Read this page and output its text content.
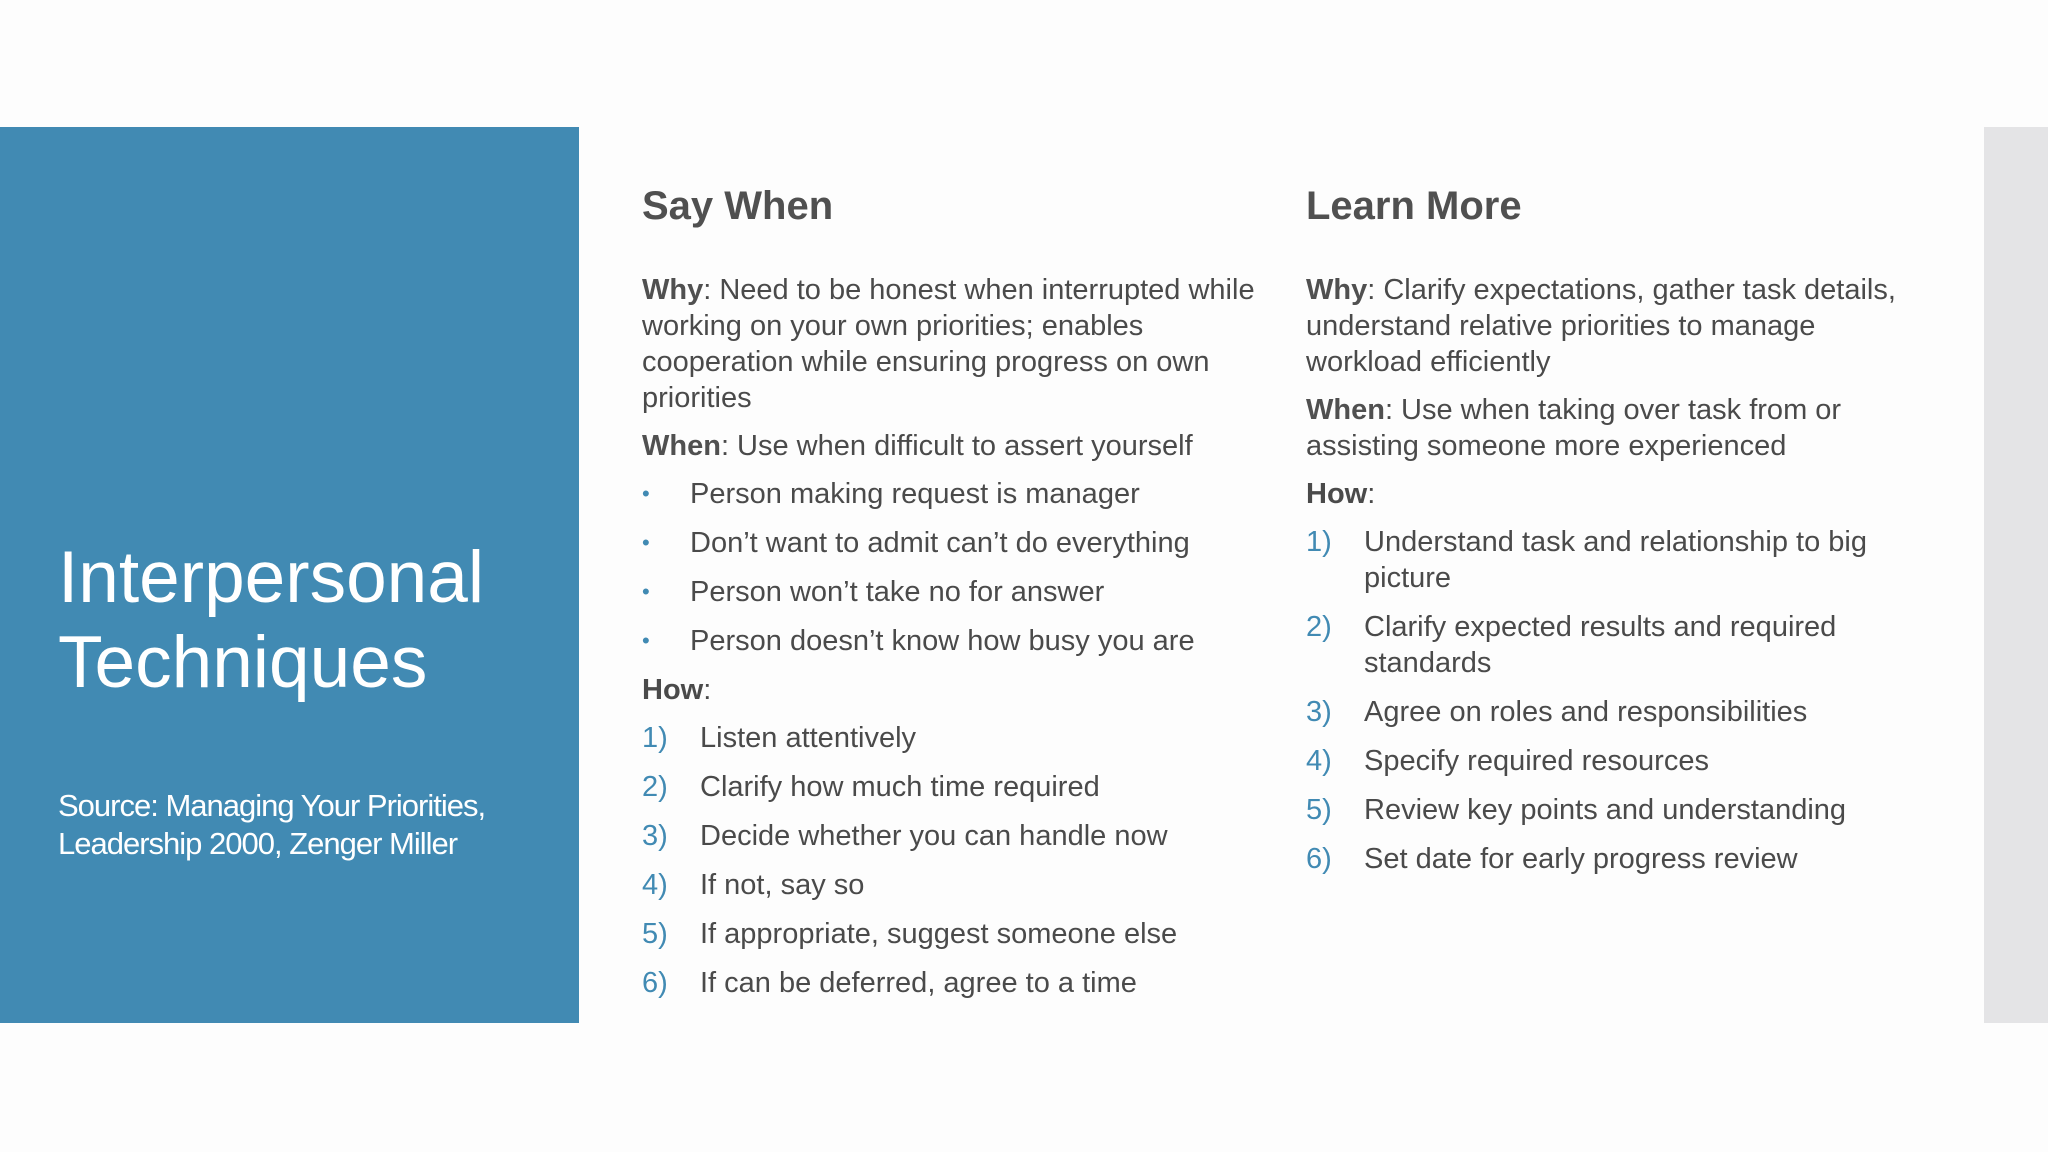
Interpersonal
Techniques

Source: Managing Your Priorities,
Leadership 2000, Zenger Miller

Say When

Why: Need to be honest when interrupted while working on your own priorities; enables cooperation while ensuring progress on own priorities

When: Use when difficult to assert yourself

• Person making request is manager
• Don’t want to admit can’t do everything
• Person won’t take no for answer
• Person doesn’t know how busy you are

How:

1) Listen attentively
2) Clarify how much time required
3) Decide whether you can handle now
4) If not, say so
5) If appropriate, suggest someone else
6) If can be deferred, agree to a time
Learn More

Why: Clarify expectations, gather task details, understand relative priorities to manage workload efficiently

When: Use when taking over task from or assisting someone more experienced

How:

1) Understand task and relationship to big picture
2) Clarify expected results and required standards
3) Agree on roles and responsibilities
4) Specify required resources
5) Review key points and understanding
6) Set date for early progress review
